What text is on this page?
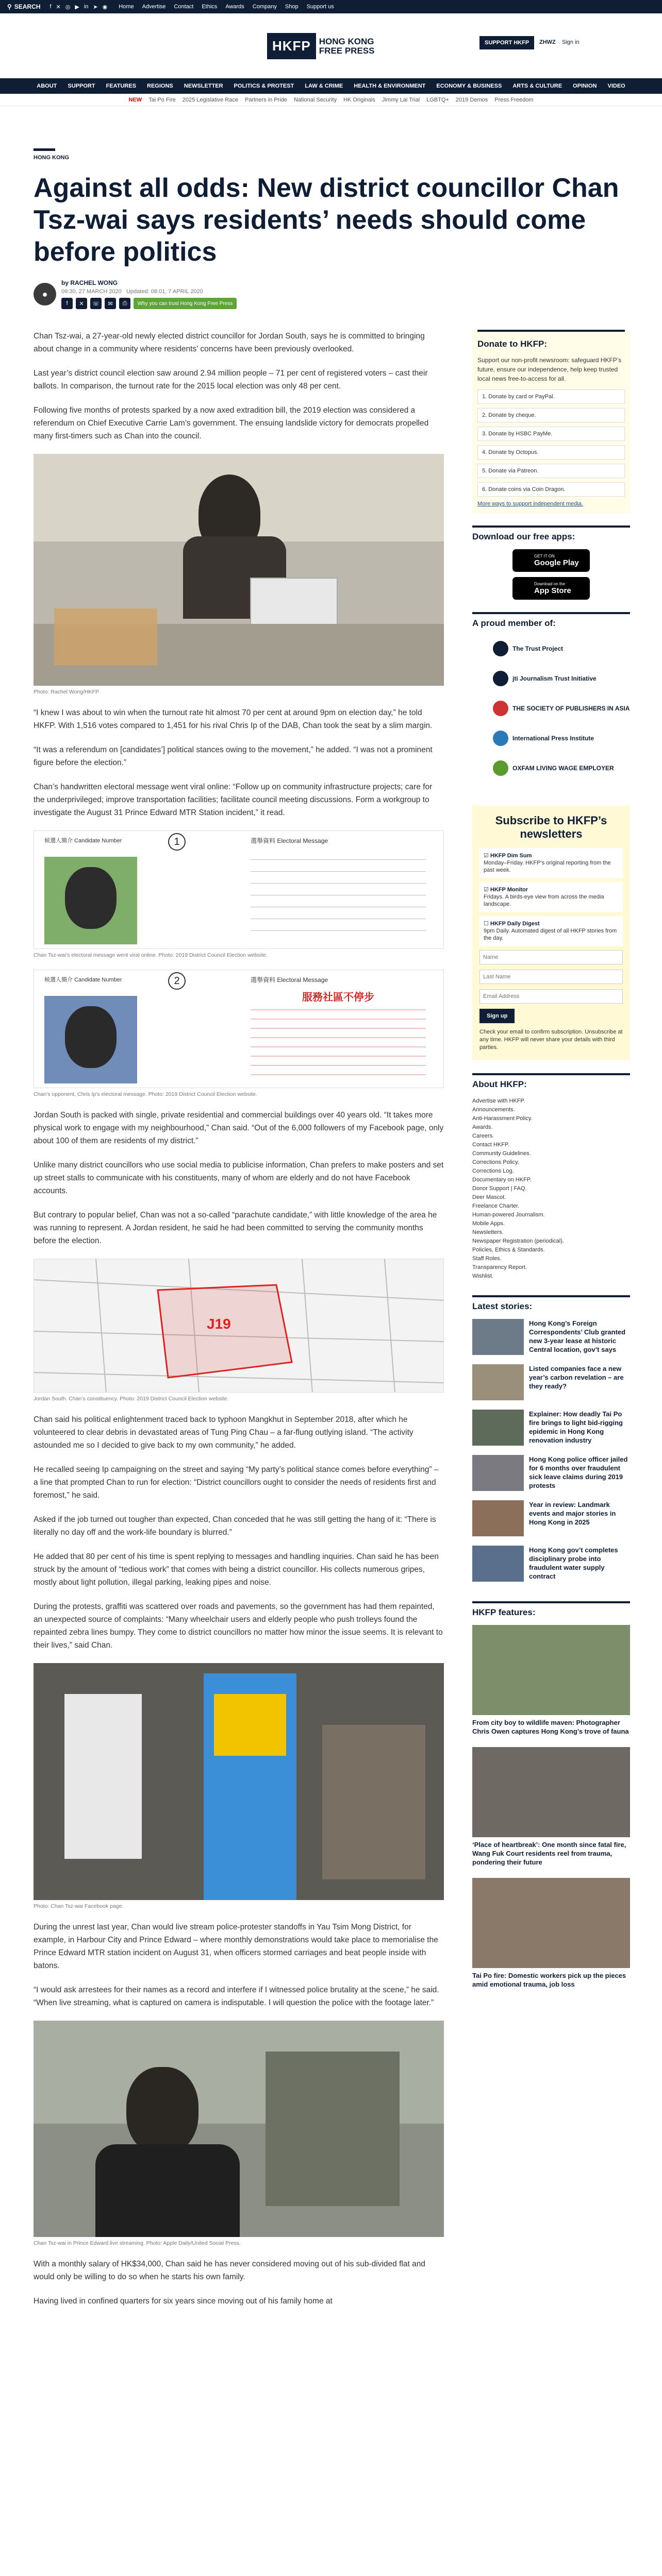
⚲ SEARCH f ✕ ◎ ▶ in ➤ ◉ Home Advertise Contact Ethics Awards Company Shop Support us
HKFP HONG KONG
FREE PRESS
SUPPORT HKFP	ZHWZ Sign in
ABOUT SUPPORT FEATURES REGIONS NEWSLETTER POLITICS & PROTEST LAW & CRIME HEALTH & ENVIRONMENT ECONOMY & BUSINESS ARTS & CULTURE OPINION VIDEO
NEW Tai Po Fire 2025 Legislative Race Partners in Pride National Security HK Originals Jimmy Lai Trial LGBTQ+ 2019 Demos Press Freedom
HONG KONG
Against all odds: New district councillor Chan Tsz-wai says residents’ needs should come before politics
●
by RACHEL WONG
09:30, 27 MARCH 2020 Updated: 08:01, 7 APRIL 2020
f	✕	☏	✉	⎙	Why you can trust Hong Kong Free Press

Chan Tsz-wai, a 27-year-old newly elected district councillor for Jordan South, says he is committed to bringing about change in a community where residents’ concerns have been previously overlooked.

Last year’s district council election saw around 2.94 million people – 71 per cent of registered voters – cast their ballots. In comparison, the turnout rate for the 2015 local election was only 48 per cent.

Following five months of protests sparked by a now axed extradition bill, the 2019 election was considered a referendum on Chief Executive Carrie Lam’s government. The ensuing landslide victory for democrats propelled many first-timers such as Chan into the council.

Photo: Rachel Wong/HKFP

“I knew I was about to win when the turnout rate hit almost 70 per cent at around 9pm on election day,” he told HKFP. With 1,516 votes compared to 1,451 for his rival Chris Ip of the DAB, Chan took the seat by a slim margin.

“It was a referendum on [candidates’] political stances owing to the movement,” he added. “I was not a prominent figure before the election.”

Chan’s handwritten electoral message went viral online: “Follow up on community infrastructure projects; care for the underprivileged; improve transportation facilities; facilitate council meeting discussions. Form a workgroup to investigate the August 31 Prince Edward MTR Station incident,” it read.

候選人簡介 Candidate Number	1	選舉資料 Electoral Message
Chan Tsz-wai’s electoral message went viral online. Photo: 2019 District Council Election website.
候選人簡介 Candidate Number	2	選舉資料 Electoral Message
服務社區不停步
Chan’s opponent, Chris Ip’s electoral message. Photo: 2019 District Council Election website.

Jordan South is packed with single, private residential and commercial buildings over 40 years old. “It takes more physical work to engage with my neighbourhood,” Chan said. “Out of the 6,000 followers of my Facebook page, only about 100 of them are residents of my district.”

Unlike many district councillors who use social media to publicise information, Chan prefers to make posters and set up street stalls to communicate with his constituents, many of whom are elderly and do not have Facebook accounts.

But contrary to popular belief, Chan was not a so-called “parachute candidate,” with little knowledge of the area he was running to represent. A Jordan resident, he said he had been committed to serving the community months before the election.

J19
Jordan South. Chan’s constituency. Photo: 2019 District Council Election website.

Chan said his political enlightenment traced back to typhoon Mangkhut in September 2018, after which he volunteered to clear debris in devastated areas of Tung Ping Chau – a far-flung outlying island. “The activity astounded me so I decided to give back to my own community,” he added.

He recalled seeing Ip campaigning on the street and saying “My party’s political stance comes before everything” – a line that prompted Chan to run for election: “District councillors ought to consider the needs of residents first and foremost,” he said.

Asked if the job turned out tougher than expected, Chan conceded that he was still getting the hang of it: “There is literally no day off and the work-life boundary is blurred.”

He added that 80 per cent of his time is spent replying to messages and handling inquiries. Chan said he has been struck by the amount of “tedious work” that comes with being a district councillor. His collects numerous gripes, mostly about light pollution, illegal parking, leaking pipes and noise.

During the protests, graffiti was scattered over roads and pavements, so the government has had them repainted, an unexpected source of complaints: “Many wheelchair users and elderly people who push trolleys found the repainted zebra lines bumpy. They come to district councillors no matter how minor the issue seems. It is relevant to their lives,” said Chan.

Photo: Chan Tsz-wai Facebook page.

During the unrest last year, Chan would live stream police-protester standoffs in Yau Tsim Mong District, for example, in Harbour City and Prince Edward – where monthly demonstrations would take place to memorialise the Prince Edward MTR station incident on August 31, when officers stormed carriages and beat people inside with batons.

“I would ask arrestees for their names as a record and interfere if I witnessed police brutality at the scene,” he said. “When live streaming, what is captured on camera is indisputable. I will question the police with the footage later.”

Chan Tsz-wai in Prince Edward live streaming. Photo: Apple Daily/United Social Press.

With a monthly salary of HK$34,000, Chan said he has never considered moving out of his sub-divided flat and would only be willing to do so when he starts his own family.

Having lived in confined quarters for six years since moving out of his family home at

Donate to HKFP:
Support our non-profit newsroom: safeguard HKFP’s future, ensure our independence, help keep trusted local news free-to-access for all.
1. Donate by card or PayPal.
2. Donate by cheque.
3. Donate by HSBC PayMe.
4. Donate by Octopus.
5. Donate via Patreon.
6. Donate coins via Coin Dragon.
More ways to support independent media.
Download our free apps:
GET IT ON
Google Play
Download on the
App Store
A proud member of:
The Trust Project
jti Journalism Trust Initiative
THE SOCIETY OF PUBLISHERS IN ASIA
International Press Institute
OXFAM LIVING WAGE EMPLOYER
Subscribe to HKFP’s newsletters
☑ HKFP Dim Sum
Monday–Friday. HKFP’s original reporting from the past week.
☑ HKFP Monitor
Fridays. A birds-eye view from across the media landscape.
☐ HKFP Daily Digest
9pm Daily. Automated digest of all HKFP stories from the day.
Name
Last Name
Email Address Sign up
Check your email to confirm subscription. Unsubscribe at any time. HKFP will never share your details with third parties.
About HKFP:
Advertise with HKFP.
Announcements.
Anti-Harassment Policy.
Awards.
Careers.
Contact HKFP.
Community Guidelines.
Corrections Policy.
Corrections Log.
Documentary on HKFP.
Donor Support | FAQ.
Deer Mascot.
Freelance Charter.
Human-powered Journalism.
Mobile Apps.
Newsletters.
Newspaper Registration (periodical).
Policies, Ethics & Standards.
Staff Roles.
Transparency Report.
Wishlist.
Latest stories:
Hong Kong’s Foreign Correspondents’ Club granted new 3-year lease at historic Central location, gov’t says
Listed companies face a new year’s carbon revelation – are they ready?
Explainer: How deadly Tai Po fire brings to light bid-rigging epidemic in Hong Kong renovation industry
Hong Kong police officer jailed for 6 months over fraudulent sick leave claims during 2019 protests
Year in review: Landmark events and major stories in Hong Kong in 2025
Hong Kong gov’t completes disciplinary probe into fraudulent water supply contract
HKFP features:
From city boy to wildlife maven: Photographer Chris Owen captures Hong Kong’s trove of fauna
‘Place of heartbreak’: One month since fatal fire, Wang Fuk Court residents reel from trauma, pondering their future
Tai Po fire: Domestic workers pick up the pieces amid emotional trauma, job loss
